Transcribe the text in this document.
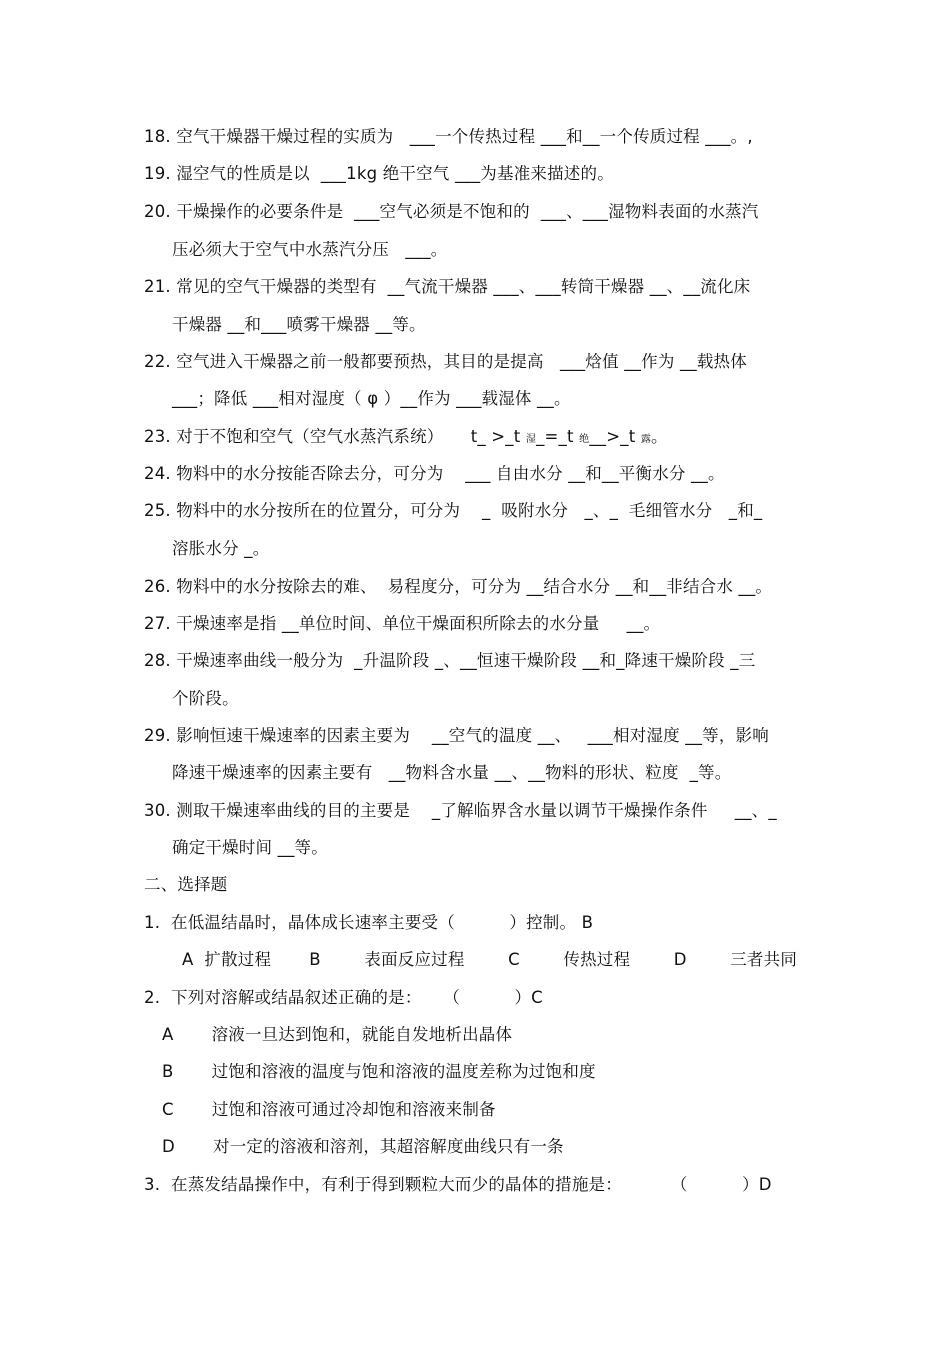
18. 空气干燥器干燥过程的实质为   ___一个传热过程 ___和__一个传质过程 ___。,
19. 湿空气的性质是以  ___1kg 绝干空气 ___为基准来描述的。
20. 干燥操作的必要条件是  ___空气必须是不饱和的  ___、___湿物料表面的水蒸汽
压必须大于空气中水蒸汽分压   ___。
21. 常见的空气干燥器的类型有  __气流干燥器 ___、___转筒干燥器 __、__流化床
干燥器 __和___喷雾干燥器 __等。
22. 空气进入干燥器之前一般都要预热，其目的是提高   ___焓值 __作为 __载热体
___；降低 ___相对湿度（ φ ）__作为 ___载湿体 __。
23. 对于不饱和空气（空气水蒸汽系统）     t_ >_t 湿_=_t 绝__>_t 露。
24. 物料中的水分按能否除去分，可分为    ___ 自由水分 __和__平衡水分 __。
25. 物料中的水分按所在的位置分，可分为    _  吸附水分   _、_  毛细管水分   _和_
溶胀水分 _。
26. 物料中的水分按除去的难、  易程度分，可分为 __结合水分 __和__非结合水 __。
27. 干燥速率是指 __单位时间、单位干燥面积所除去的水分量     __。
28. 干燥速率曲线一般分为  _升温阶段 _、__恒速干燥阶段 __和_降速干燥阶段 _三
个阶段。
29. 影响恒速干燥速率的因素主要为    __空气的温度 __、   ___相对湿度 __等，影响
降速干燥速率的因素主要有   __物料含水量 __、__物料的形状、粒度  _等。
30. 测取干燥速率曲线的目的主要是    _了解临界含水量以调节干燥操作条件     __、_
确定干燥时间 __等。
二、选择题
1.  在低温结晶时，晶体成长速率主要受（          ）控制。 B
A  扩散过程       B        表面反应过程        C        传热过程        D        三者共同
2.  下列对溶解或结晶叙述正确的是：    （          ）C
A       溶液一旦达到饱和，就能自发地析出晶体
B       过饱和溶液的温度与饱和溶液的温度差称为过饱和度
C       过饱和溶液可通过冷却饱和溶液来制备
D       对一定的溶液和溶剂，其超溶解度曲线只有一条
3.  在蒸发结晶操作中，有利于得到颗粒大而少的晶体的措施是：         （          ）D
